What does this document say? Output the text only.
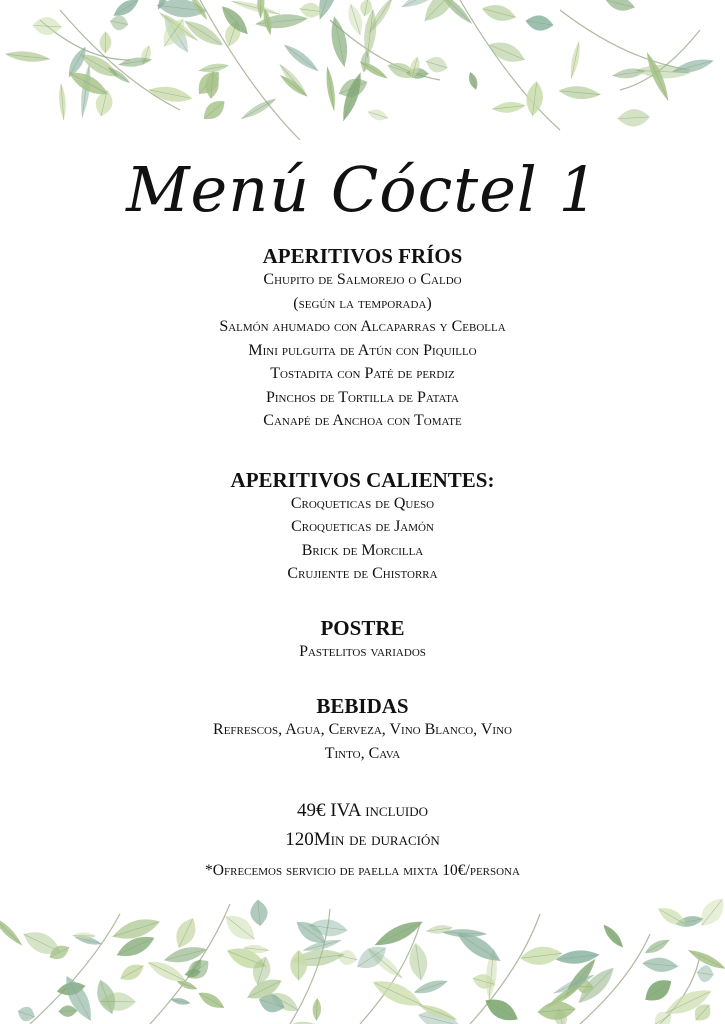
Menú Cóctel 1
APERITIVOS FRÍOS
Chupito de Salmorejo o Caldo
(según la temporada)
Salmón ahumado con Alcaparras y Cebolla
Mini pulguita de Atún con Piquillo
Tostadita con Paté de perdiz
Pinchos de Tortilla de Patata
Canapé de Anchoa con Tomate
APERITIVOS CALIENTES:
Croqueticas de Queso
Croqueticas de Jamón
Brick de Morcilla
Crujiente de Chistorra
POSTRE
Pastelitos variados
BEBIDAS
Refrescos, Agua, Cerveza, Vino Blanco, Vino
Tinto, Cava
49€ IVA incluido
120Min de duración
*Ofrecemos servicio de paella mixta 10€/persona
